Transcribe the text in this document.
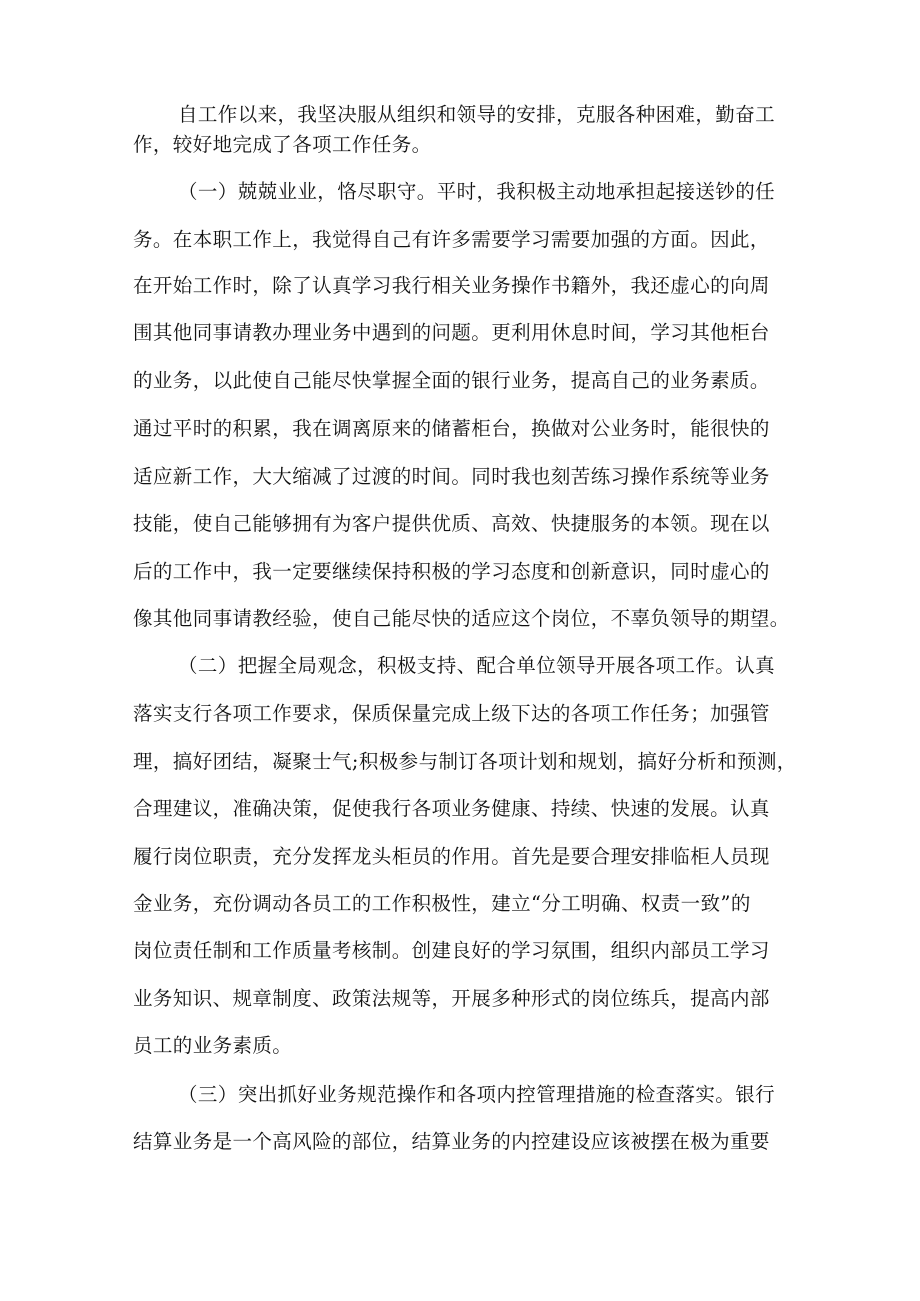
自工作以来，我坚决服从组织和领导的安排，克服各种困难，勤奋工
作，较好地完成了各项工作任务。
（一）兢兢业业，恪尽职守。平时，我积极主动地承担起接送钞的任
务。在本职工作上，我觉得自己有许多需要学习需要加强的方面。因此，
在开始工作时，除了认真学习我行相关业务操作书籍外，我还虚心的向周
围其他同事请教办理业务中遇到的问题。更利用休息时间，学习其他柜台
的业务，以此使自己能尽快掌握全面的银行业务，提高自己的业务素质。
通过平时的积累，我在调离原来的储蓄柜台，换做对公业务时，能很快的
适应新工作，大大缩减了过渡的时间。同时我也刻苦练习操作系统等业务
技能，使自己能够拥有为客户提供优质、高效、快捷服务的本领。现在以
后的工作中，我一定要继续保持积极的学习态度和创新意识，同时虚心的
像其他同事请教经验，使自己能尽快的适应这个岗位，不辜负领导的期望。
（二）把握全局观念，积极支持、配合单位领导开展各项工作。认真
落实支行各项工作要求，保质保量完成上级下达的各项工作任务；加强管
理，搞好团结，凝聚士气;积极参与制订各项计划和规划，搞好分析和预测，
合理建议，准确决策，促使我行各项业务健康、持续、快速的发展。认真
履行岗位职责，充分发挥龙头柜员的作用。首先是要合理安排临柜人员现
金业务，充份调动各员工的工作积极性，建立“分工明确、权责一致”的
岗位责任制和工作质量考核制。创建良好的学习氛围，组织内部员工学习
业务知识、规章制度、政策法规等，开展多种形式的岗位练兵，提高内部
员工的业务素质。
（三）突出抓好业务规范操作和各项内控管理措施的检查落实。银行
结算业务是一个高风险的部位，结算业务的内控建设应该被摆在极为重要
